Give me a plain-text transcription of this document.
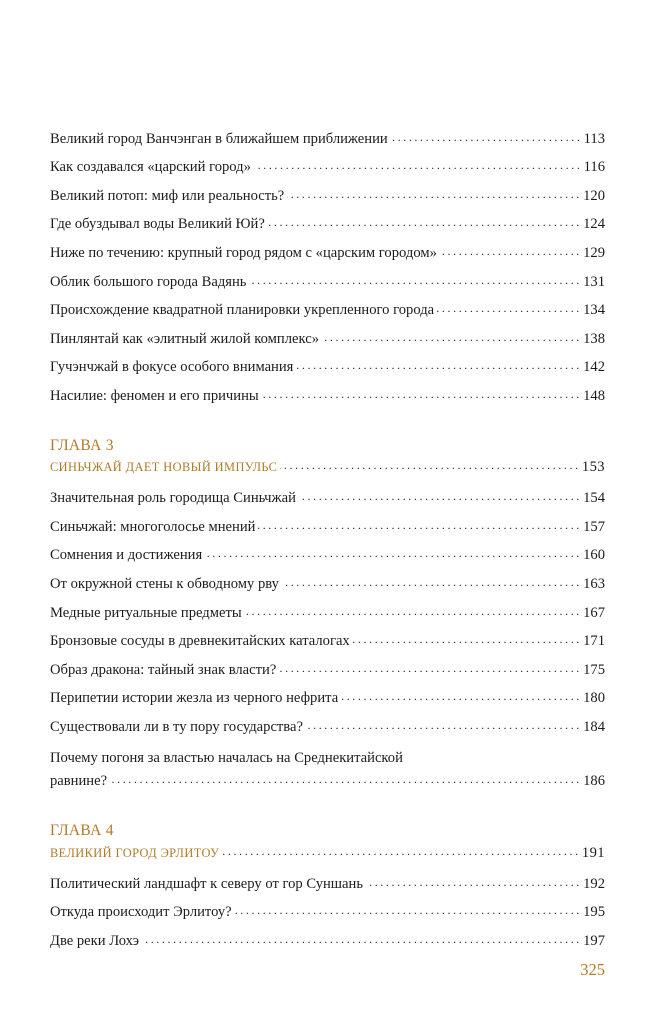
Великий город Ванчэнган в ближайшем приближении . . .	113
Как создавался «царский город» . . .	116
Великий потоп: миф или реальность? . . .	120
Где обуздывал воды Великий Юй? . . .	124
Ниже по течению: крупный город рядом с «царским городом» . . .	129
Облик большого города Вадянь . . .	131
Происхождение квадратной планировки укрепленного города . . .	134
Пинлянтай как «элитный жилой комплекс» . . .	138
Гучэнчжай в фокусе особого внимания . . .	142
Насилие: феномен и его причины . . .	148
ГЛАВА 3
СИНЬЧЖАЙ ДАЕТ НОВЫЙ ИМПУЛЬС . . .	153
Значительная роль городища Синьчжай . . .	154
Синьчжай: многоголосье мнений . . .	157
Сомнения и достижения . . .	160
От окружной стены к обводному рву . . .	163
Медные ритуальные предметы . . .	167
Бронзовые сосуды в древнекитайских каталогах . . .	171
Образ дракона: тайный знак власти? . . .	175
Перипетии истории жезла из черного нефрита . . .	180
Существовали ли в ту пору государства? . . .	184
Почему погоня за властью началась на Среднекитайской
равнине? . . .	186
ГЛАВА 4
ВЕЛИКИЙ ГОРОД ЭРЛИТОУ . . .	191
Политический ландшафт к северу от гор Суншань . . .	192
Откуда происходит Эрлитоу? . . .	195
Две реки Лохэ . . .	197
325
